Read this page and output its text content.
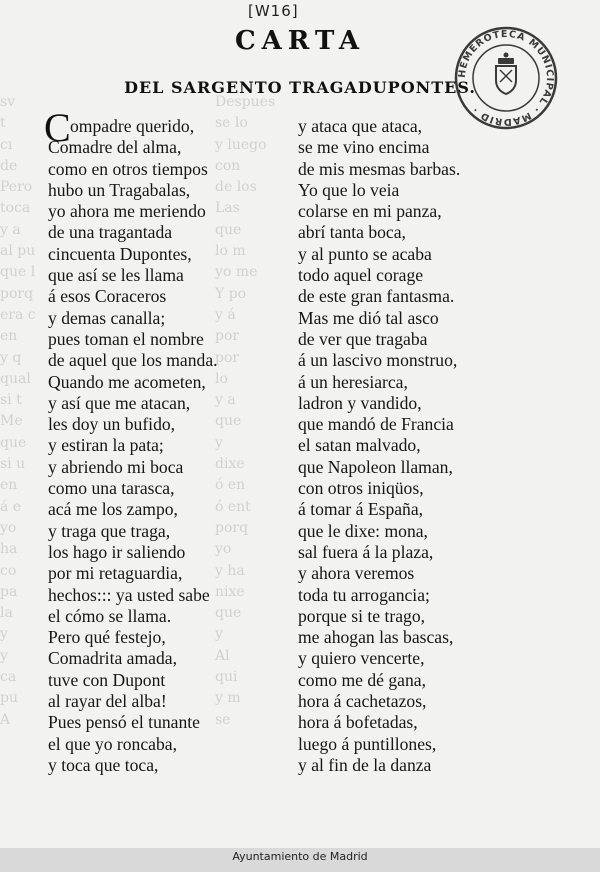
sv
t
cı
de
Pero
toca
y a
al pu
que l
porq
era c
en
y q
qual
si t
Me
que
si u
en
á e
yo
ha
co
pa
la
y
y
ca
pu
A
Despues
se lo
y luego
con
de los
Las
que
lo m
yo me
Y po
y á
por
por
lo
y a
que
y
dixe
ó en
ó ent
porq
yo
y ha
nixe
que
y
Al
qui
y m
se
[W16]
CARTA
DEL SARGENTO TRAGADUPONTES.
HEMEROTECA MUNICIPAL · MADRID ·
C ompadre querido,
Comadre del alma,
como en otros tiempos
hubo un Tragabalas,
yo ahora me meriendo
de una tragantada
cincuenta Dupontes,
que así se les llama
á esos Coraceros
y demas canalla;
pues toman el nombre
de aquel que los manda.
Quando me acometen,
y así que me atacan,
les doy un bufido,
y estiran la pata;
y abriendo mi boca
como una tarasca,
acá me los zampo,
y traga que traga,
los hago ir saliendo
por mi retaguardia,
hechos::: ya usted sabe
el cómo se llama.
Pero qué festejo,
Comadrita amada,
tuve con Dupont
al rayar del alba!
Pues pensó el tunante
el que yo roncaba,
y toca que toca,
y ataca que ataca,
se me vino encima
de mis mesmas barbas.
Yo que lo veia
colarse en mi panza,
abrí tanta boca,
y al punto se acaba
todo aquel corage
de este gran fantasma.
Mas me dió tal asco
de ver que tragaba
á un lascivo monstruo,
á un heresiarca,
ladron y vandido,
que mandó de Francia
el satan malvado,
que Napoleon llaman,
con otros iniqüos,
á tomar á España,
que le dixe: mona,
sal fuera á la plaza,
y ahora veremos
toda tu arrogancia;
porque si te trago,
me ahogan las bascas,
y quiero vencerte,
como me dé gana,
hora á cachetazos,
hora á bofetadas,
luego á puntillones,
y al fin de la danza
Ayuntamiento de Madrid
